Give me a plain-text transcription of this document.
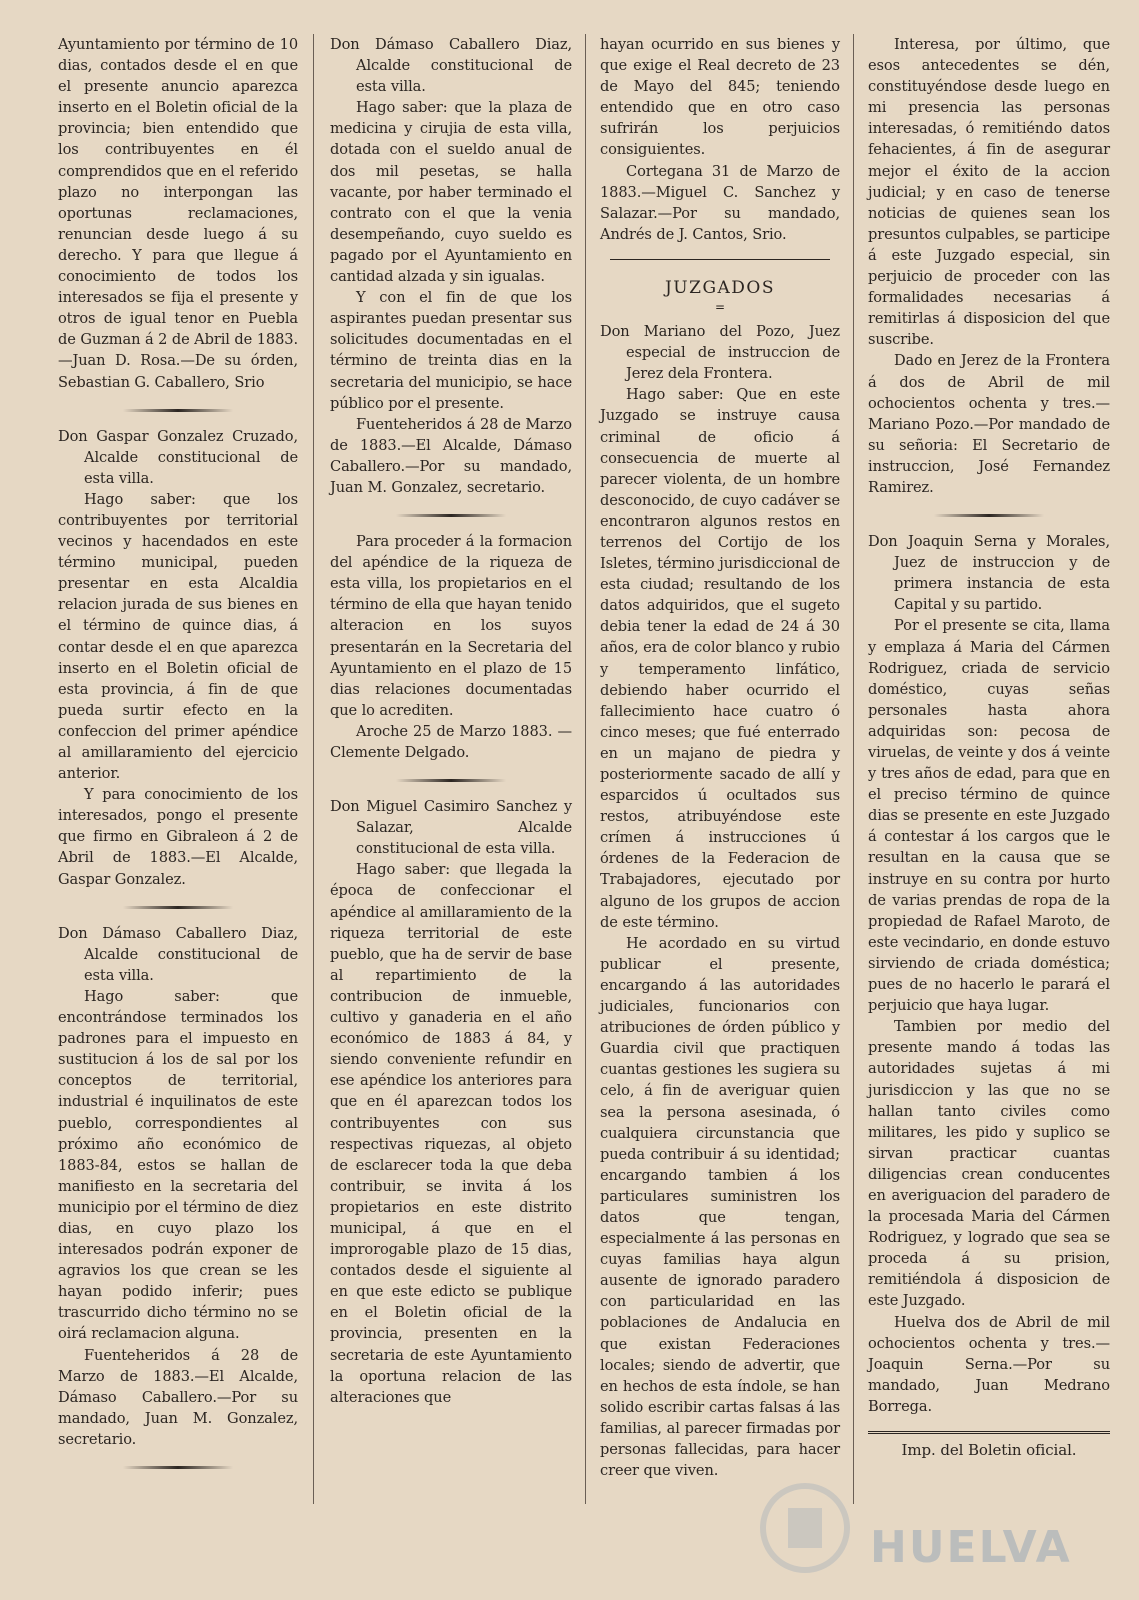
Ayuntamiento por término de 10 dias, contados desde el en que el presente anuncio aparezca inserto en el Boletin oficial de la provincia; bien entendido que los contribuyentes en él comprendidos que en el referido plazo no interpongan las oportunas reclamaciones, renuncian desde luego á su derecho. Y para que llegue á conocimiento de todos los interesados se fija el presente y otros de igual tenor en Puebla de Guzman á 2 de Abril de 1883.—Juan D. Rosa.—De su órden, Sebastian G. Caballero, Srio

Don Gaspar Gonzalez Cruzado, Alcalde constitucional de esta villa.

Hago saber: que los contribuyentes por territorial vecinos y hacendados en este término municipal, pueden presentar en esta Alcaldia relacion jurada de sus bienes en el término de quince dias, á contar desde el en que aparezca inserto en el Boletin oficial de esta provincia, á fin de que pueda surtir efecto en la confeccion del primer apéndice al amillaramiento del ejercicio anterior.

Y para conocimiento de los interesados, pongo el presente que firmo en Gibraleon á 2 de Abril de 1883.—El Alcalde, Gaspar Gonzalez.

Don Dámaso Caballero Diaz, Alcalde constitucional de esta villa.

Hago saber: que encontrándose terminados los padrones para el impuesto en sustitucion á los de sal por los conceptos de territorial, industrial é inquilinatos de este pueblo, correspondientes al próximo año económico de 1883-84, estos se hallan de manifiesto en la secretaria del municipio por el término de diez dias, en cuyo plazo los interesados podrán exponer de agravios los que crean se les hayan podido inferir; pues trascurrido dicho término no se oirá reclamacion alguna.

Fuenteheridos á 28 de Marzo de 1883.—El Alcalde, Dámaso Caballero.—Por su mandado, Juan M. Gonzalez, secretario.

Don Dámaso Caballero Diaz, Alcalde constitucional de esta villa.

Hago saber: que la plaza de medicina y cirujia de esta villa, dotada con el sueldo anual de dos mil pesetas, se halla vacante, por haber terminado el contrato con el que la venia desempeñando, cuyo sueldo es pagado por el Ayuntamiento en cantidad alzada y sin igualas.

Y con el fin de que los aspirantes puedan presentar sus solicitudes documentadas en el término de treinta dias en la secretaria del municipio, se hace público por el presente.

Fuenteheridos á 28 de Marzo de 1883.—El Alcalde, Dámaso Caballero.—Por su mandado, Juan M. Gonzalez, secretario.

Para proceder á la formacion del apéndice de la riqueza de esta villa, los propietarios en el término de ella que hayan tenido alteracion en los suyos presentarán en la Secretaria del Ayuntamiento en el plazo de 15 dias relaciones documentadas que lo acrediten.

Aroche 25 de Marzo 1883. —Clemente Delgado.

Don Miguel Casimiro Sanchez y Salazar, Alcalde constitucional de esta villa.

Hago saber: que llegada la época de confeccionar el apéndice al amillaramiento de la riqueza territorial de este pueblo, que ha de servir de base al repartimiento de la contribucion de inmueble, cultivo y ganaderia en el año económico de 1883 á 84, y siendo conveniente refundir en ese apéndice los anteriores para que en él aparezcan todos los contribuyentes con sus respectivas riquezas, al objeto de esclarecer toda la que deba contribuir, se invita á los propietarios en este distrito municipal, á que en el improrogable plazo de 15 dias, contados desde el siguiente al en que este edicto se publique en el Boletin oficial de la provincia, presenten en la secretaria de este Ayuntamiento la oportuna relacion de las alteraciones que

hayan ocurrido en sus bienes y que exige el Real decreto de 23 de Mayo del 845; teniendo entendido que en otro caso sufrirán los perjuicios consiguientes.

Cortegana 31 de Marzo de 1883.—Miguel C. Sanchez y Salazar.—Por su mandado, Andrés de J. Cantos, Srio.

JUZGADOS
=

Don Mariano del Pozo, Juez especial de instruccion de Jerez dela Frontera.

Hago saber: Que en este Juzgado se instruye causa criminal de oficio á consecuencia de muerte al parecer violenta, de un hombre desconocido, de cuyo cadáver se encontraron algunos restos en terrenos del Cortijo de los Isletes, término jurisdiccional de esta ciudad; resultando de los datos adquiridos, que el sugeto debia tener la edad de 24 á 30 años, era de color blanco y rubio y temperamento linfático, debiendo haber ocurrido el fallecimiento hace cuatro ó cinco meses; que fué enterrado en un majano de piedra y posteriormente sacado de allí y esparcidos ú ocultados sus restos, atribuyéndose este crímen á instrucciones ú órdenes de la Federacion de Trabajadores, ejecutado por alguno de los grupos de accion de este término.

He acordado en su virtud publicar el presente, encargando á las autoridades judiciales, funcionarios con atribuciones de órden público y Guardia civil que practiquen cuantas gestiones les sugiera su celo, á fin de averiguar quien sea la persona asesinada, ó cualquiera circunstancia que pueda contribuir á su identidad; encargando tambien á los particulares suministren los datos que tengan, especialmente á las personas en cuyas familias haya algun ausente de ignorado paradero con particularidad en las poblaciones de Andalucia en que existan Federaciones locales; siendo de advertir, que en hechos de esta índole, se han solido escribir cartas falsas á las familias, al parecer firmadas por personas fallecidas, para hacer creer que viven.

Interesa, por último, que esos antecedentes se dén, constituyéndose desde luego en mi presencia las personas interesadas, ó remitiéndo datos fehacientes, á fin de asegurar mejor el éxito de la accion judicial; y en caso de tenerse noticias de quienes sean los presuntos culpables, se participe á este Juzgado especial, sin perjuicio de proceder con las formalidades necesarias á remitirlas á disposicion del que suscribe.

Dado en Jerez de la Frontera á dos de Abril de mil ochocientos ochenta y tres.—Mariano Pozo.—Por mandado de su señoria: El Secretario de instruccion, José Fernandez Ramirez.

Don Joaquin Serna y Morales, Juez de instruccion y de primera instancia de esta Capital y su partido.

Por el presente se cita, llama y emplaza á Maria del Cármen Rodriguez, criada de servicio doméstico, cuyas señas personales hasta ahora adquiridas son: pecosa de viruelas, de veinte y dos á veinte y tres años de edad, para que en el preciso término de quince dias se presente en este Juzgado á contestar á los cargos que le resultan en la causa que se instruye en su contra por hurto de varias prendas de ropa de la propiedad de Rafael Maroto, de este vecindario, en donde estuvo sirviendo de criada doméstica; pues de no hacerlo le parará el perjuicio que haya lugar.

Tambien por medio del presente mando á todas las autoridades sujetas á mi jurisdiccion y las que no se hallan tanto civiles como militares, les pido y suplico se sirvan practicar cuantas diligencias crean conducentes en averiguacion del paradero de la procesada Maria del Cármen Rodriguez, y logrado que sea se proceda á su prision, remitiéndola á disposicion de este Juzgado.

Huelva dos de Abril de mil ochocientos ochenta y tres.—Joaquin Serna.—Por su mandado, Juan Medrano Borrega.

Imp. del Boletin oficial.
HUELVA
